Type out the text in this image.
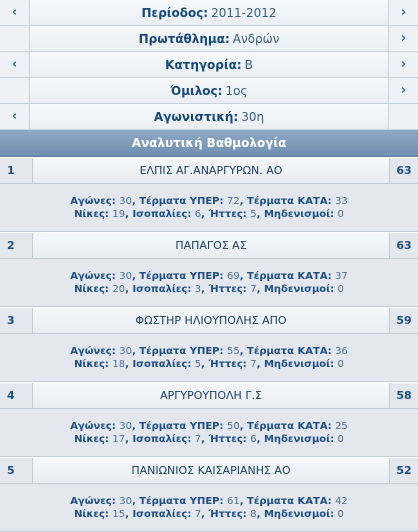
‹	Περίοδος: 2011-2012	›
Πρωτάθλημα: Ανδρών	›
‹	Κατηγορία: Β	›
Όμιλος: 1ος	›
‹	Αγωνιστική: 30η
Αναλυτική Βαθμολογία
1	ΕΛΠΙΣ ΑΓ.ΑΝΑΡΓΥΡΩΝ. ΑΟ	63
Αγώνες: 30, Τέρματα ΥΠΕΡ: 72, Τέρματα ΚΑΤΑ: 33
Νίκες: 19, Ισοπαλίες: 6, Ήττες: 5, Μηδενισμοί: 0
2	ΠΑΠΑΓΟΣ ΑΣ	63
Αγώνες: 30, Τέρματα ΥΠΕΡ: 69, Τέρματα ΚΑΤΑ: 37
Νίκες: 20, Ισοπαλίες: 3, Ήττες: 7, Μηδενισμοί: 0
3	ΦΩΣΤΗΡ ΗΛΙΟΥΠΟΛΗΣ ΑΠΟ	59
Αγώνες: 30, Τέρματα ΥΠΕΡ: 55, Τέρματα ΚΑΤΑ: 36
Νίκες: 18, Ισοπαλίες: 5, Ήττες: 7, Μηδενισμοί: 0
4	ΑΡΓΥΡΟΥΠΟΛΗ Γ.Σ	58
Αγώνες: 30, Τέρματα ΥΠΕΡ: 50, Τέρματα ΚΑΤΑ: 25
Νίκες: 17, Ισοπαλίες: 7, Ήττες: 6, Μηδενισμοί: 0
5	ΠΑΝΙΩΝΙΟΣ ΚΑΙΣΑΡΙΑΝΗΣ ΑΟ	52
Αγώνες: 30, Τέρματα ΥΠΕΡ: 61, Τέρματα ΚΑΤΑ: 42
Νίκες: 15, Ισοπαλίες: 7, Ήττες: 8, Μηδενισμοί: 0
